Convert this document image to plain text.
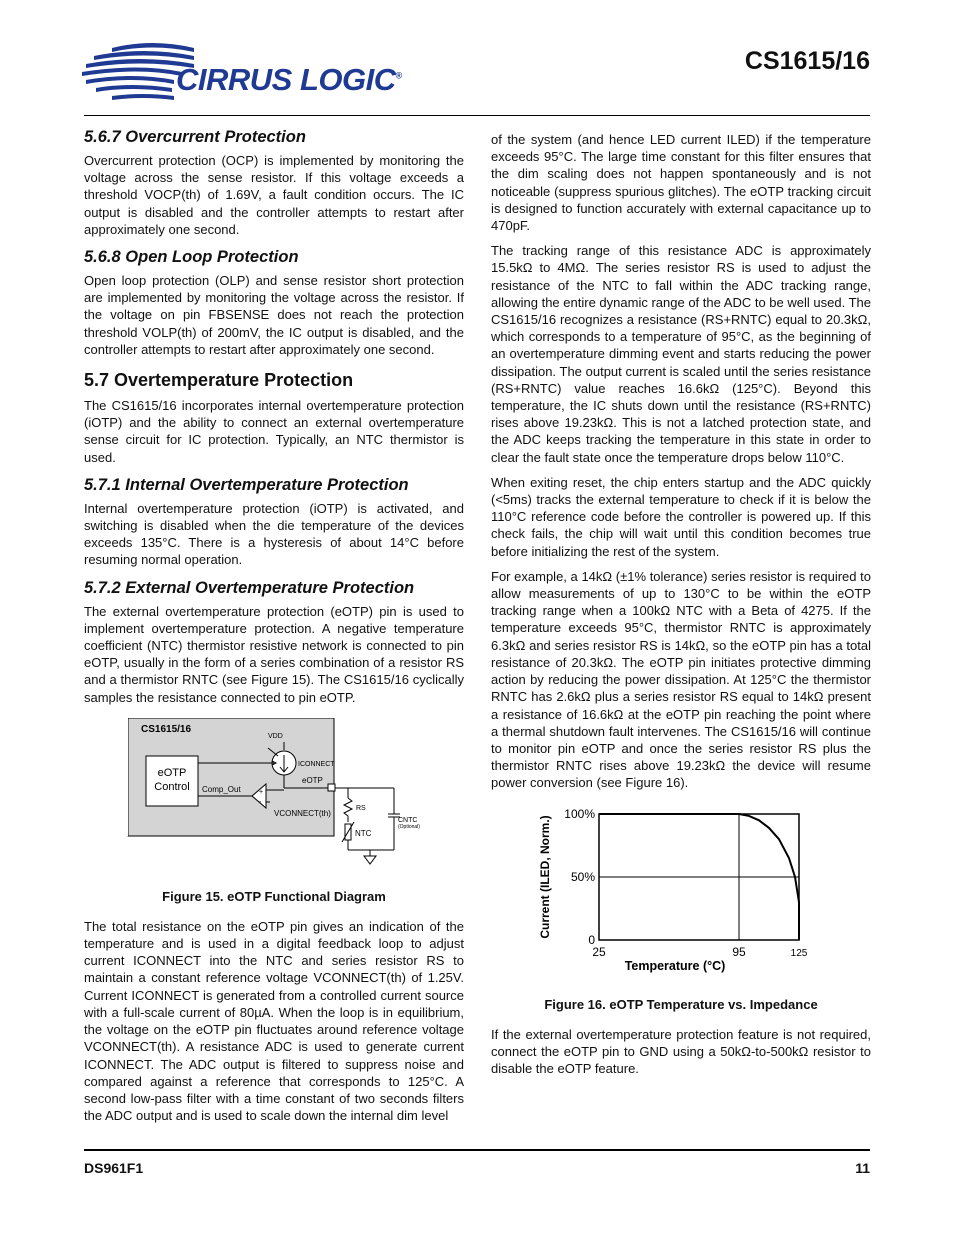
CIRRUS LOGIC®
CS1615/16
5.6.7 Overcurrent Protection

Overcurrent protection (OCP) is implemented by monitoring the voltage across the sense resistor. If this voltage exceeds a threshold VOCP(th) of 1.69V, a fault condition occurs. The IC output is disabled and the controller attempts to restart after approximately one second.

5.6.8 Open Loop Protection

Open loop protection (OLP) and sense resistor short protection are implemented by monitoring the voltage across the resistor. If the voltage on pin FBSENSE does not reach the protection threshold VOLP(th) of 200mV, the IC output is disabled, and the controller attempts to restart after approximately one second.

5.7 Overtemperature Protection

The CS1615/16 incorporates internal overtemperature protection (iOTP) and the ability to connect an external overtemperature sense circuit for IC protection. Typically, an NTC thermistor is used.

5.7.1 Internal Overtemperature Protection

Internal overtemperature protection (iOTP) is activated, and switching is disabled when the die temperature of the devices exceeds 135°C. There is a hysteresis of about 14°C before resuming normal operation.

5.7.2 External Overtemperature Protection

The external overtemperature protection (eOTP) pin is used to implement overtemperature protection. A negative temperature coefficient (NTC) thermistor resistive network is connected to pin eOTP, usually in the form of a series combination of a resistor RS and a thermistor RNTC (see Figure 15). The CS1615/16 cyclically samples the resistance connected to pin eOTP.

CS1615/16
eOTP
Control
VDD
ICONNECT
Comp_Out	+
-
eOTP
VCONNECT(th)
RS
NTC
CNTC
(Optional)
Figure 15. eOTP Functional Diagram

The total resistance on the eOTP pin gives an indication of the temperature and is used in a digital feedback loop to adjust current ICONNECT into the NTC and series resistor RS to maintain a constant reference voltage VCONNECT(th) of 1.25V. Current ICONNECT is generated from a controlled current source with a full-scale current of 80µA. When the loop is in equilibrium, the voltage on the eOTP pin fluctuates around reference voltage VCONNECT(th). A resistance ADC is used to generate current ICONNECT. The ADC output is filtered to suppress noise and compared against a reference that corresponds to 125°C. A second low-pass filter with a time constant of two seconds filters the ADC output and is used to scale down the internal dim level

of the system (and hence LED current ILED) if the temperature exceeds 95°C. The large time constant for this filter ensures that the dim scaling does not happen spontaneously and is not noticeable (suppress spurious glitches). The eOTP tracking circuit is designed to function accurately with external capacitance up to 470pF.

The tracking range of this resistance ADC is approximately 15.5kΩ to 4MΩ. The series resistor RS is used to adjust the resistance of the NTC to fall within the ADC tracking range, allowing the entire dynamic range of the ADC to be well used. The CS1615/16 recognizes a resistance (RS+RNTC) equal to 20.3kΩ, which corresponds to a temperature of 95°C, as the beginning of an overtemperature dimming event and starts reducing the power dissipation. The output current is scaled until the series resistance (RS+RNTC) value reaches 16.6kΩ (125°C). Beyond this temperature, the IC shuts down until the resistance (RS+RNTC) rises above 19.23kΩ. This is not a latched protection state, and the ADC keeps tracking the temperature in this state in order to clear the fault state once the temperature drops below 110°C.

When exiting reset, the chip enters startup and the ADC quickly (<5ms) tracks the external temperature to check if it is below the 110°C reference code before the controller is powered up. If this check fails, the chip will wait until this condition becomes true before initializing the rest of the system.

For example, a 14kΩ (±1% tolerance) series resistor is required to allow measurements of up to 130°C to be within the eOTP tracking range when a 100kΩ NTC with a Beta of 4275. If the temperature exceeds 95°C, thermistor RNTC is approximately 6.3kΩ and series resistor RS is 14kΩ, so the eOTP pin has a total resistance of 20.3kΩ. The eOTP pin initiates protective dimming action by reducing the power dissipation. At 125°C the thermistor RNTC has 2.6kΩ plus a series resistor RS equal to 14kΩ present a resistance of 16.6kΩ at the eOTP pin reaching the point where a thermal shutdown fault intervenes. The CS1615/16 will continue to monitor pin eOTP and once the series resistor RS plus the thermistor RNTC rises above 19.23kΩ the device will resume power conversion (see Figure 16).

25	95	125
0
50%
100%
Temperature (°C)
Current (ILED, Norm.)
Figure 16. eOTP Temperature vs. Impedance

If the external overtemperature protection feature is not required, connect the eOTP pin to GND using a 50kΩ-to-500kΩ resistor to disable the eOTP feature.

DS961F1	11
